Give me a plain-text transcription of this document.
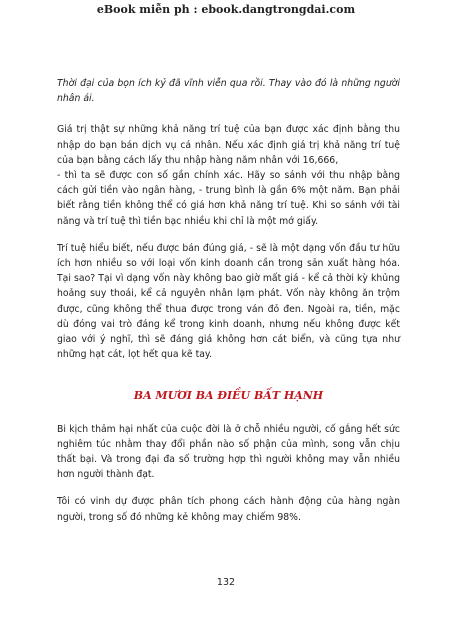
eBook miễn ph : ebook.dangtrongdai.com

Thời đại của bọn ích kỷ đã vĩnh viễn qua rồi. Thay vào đó là những người nhân ái.

Giá trị thật sự những khả năng trí tuệ của bạn được xác định bằng thu nhập do bạn bán dịch vụ cá nhân. Nếu xác định giá trị khả năng trí tuệ của bạn bằng cách lấy thu nhập hàng năm nhân với 16,666,
- thì ta sẽ được con số gần chính xác. Hãy so sánh với thu nhập bằng cách gửi tiền vào ngân hàng, - trung bình là gần 6% một năm. Bạn phải biết rằng tiền không thể có giá hơn khả năng trí tuệ. Khi so sánh với tài năng và trí tuệ thì tiền bạc nhiều khi chỉ là một mớ giấy.

Trí tuệ hiểu biết, nếu được bán đúng giá, - sẽ là một dạng vốn đầu tư hữu ích hơn nhiều so với loại vốn kinh doanh cần trong sản xuất hàng hóa. Tại sao? Tại vì dạng vốn này không bao giờ mất giá - kể cả thời kỳ khủng hoảng suy thoái, kể cả nguyên nhân lạm phát. Vốn này không ăn trộm được, cũng không thể thua được trong ván đỏ đen. Ngoài ra, tiền, mặc dù đóng vai trò đáng kể trong kinh doanh, nhưng nếu không được kết giao với ý nghĩ, thì sẽ đáng giá không hơn cát biển, và cũng tựa như những hạt cát, lọt hết qua kẽ tay.

BA MƯƠI BA ĐIỀU BẤT HẠNH

Bi kịch thảm hại nhất của cuộc đời là ở chỗ nhiều người, cố gắng hết sức nghiêm túc nhằm thay đổi phần nào số phận của mình, song vẫn chịu thất bại. Và trong đại đa số trường hợp thì người không may vẫn nhiều hơn người thành đạt.

Tôi có vinh dự được phân tích phong cách hành động của hàng ngàn người, trong số đó những kẻ không may chiếm 98%.

132
